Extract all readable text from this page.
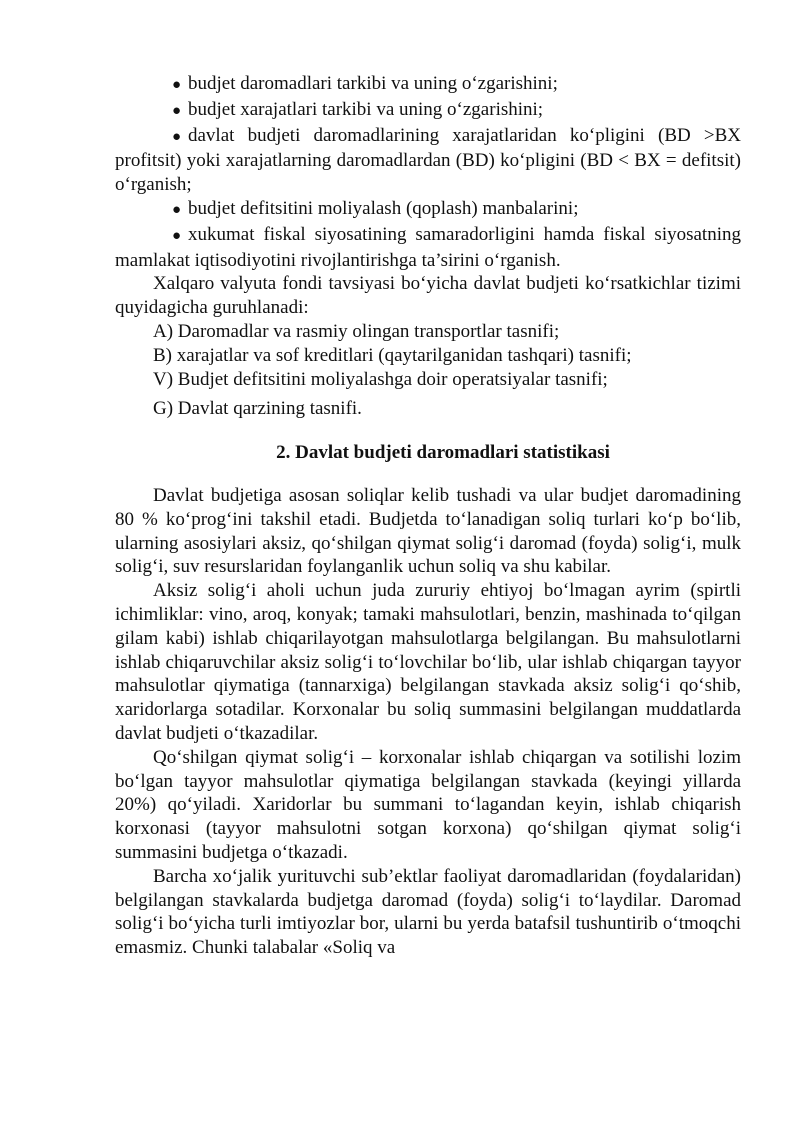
● budjet daromadlari tarkibi va uning o‘zgarishini;

● budjet xarajatlari tarkibi va uning o‘zgarishini;

● davlat budjeti daromadlarining xarajatlaridan ko‘pligini (BD >BX profitsit) yoki xarajatlarning daromadlardan (BD) ko‘pligini (BD < BX = defitsit) o‘rganish;

● budjet defitsitini moliyalash (qoplash) manbalarini;

● xukumat fiskal siyosatining samaradorligini hamda fiskal siyosatning mamlakat iqtisodiyotini rivojlantirishga ta’sirini o‘rganish.

Xalqaro valyuta fondi tavsiyasi bo‘yicha davlat budjeti ko‘rsatkichlar tizimi quyidagicha guruhlanadi:

A) Daromadlar va rasmiy olingan transportlar tasnifi;

B) xarajatlar va sof kreditlari (qaytarilganidan tashqari) tasnifi;

V) Budjet defitsitini moliyalashga doir operatsiyalar tasnifi;

G) Davlat qarzining tasnifi.

2. Davlat budjeti daromadlari statistikasi

Davlat budjetiga asosan soliqlar kelib tushadi va ular budjet daromadining 80 % ko‘prog‘ini takshil etadi. Budjetda to‘lanadigan soliq turlari ko‘p bo‘lib, ularning asosiylari aksiz, qo‘shilgan qiymat solig‘i daromad (foyda) solig‘i, mulk solig‘i, suv resurslaridan foylanganlik uchun soliq va shu kabilar.

Aksiz solig‘i aholi uchun juda zururiy ehtiyoj bo‘lmagan ayrim (spirtli ichimliklar: vino, aroq, konyak; tamaki mahsulotlari, benzin, mashinada to‘qilgan gilam kabi) ishlab chiqarilayotgan mahsulotlarga belgilangan. Bu mahsulotlarni ishlab chiqaruvchilar aksiz solig‘i to‘lovchilar bo‘lib, ular ishlab chiqargan tayyor mahsulotlar qiymatiga (tannarxiga) belgilangan stavkada aksiz solig‘i qo‘shib, xaridorlarga sotadilar. Korxonalar bu soliq summasini belgilangan muddatlarda davlat budjeti o‘tkazadilar.

Qo‘shilgan qiymat solig‘i – korxonalar ishlab chiqargan va sotilishi lozim bo‘lgan tayyor mahsulotlar qiymatiga belgilangan stavkada (keyingi yillarda 20%) qo‘yiladi. Xaridorlar bu summani to‘lagandan keyin, ishlab chiqarish korxonasi (tayyor mahsulotni sotgan korxona) qo‘shilgan qiymat solig‘i summasini budjetga o‘tkazadi.

Barcha xo‘jalik yurituvchi sub’ektlar faoliyat daromadlaridan (foydalaridan) belgilangan stavkalarda budjetga daromad (foyda) solig‘i to‘laydilar. Daromad solig‘i bo‘yicha turli imtiyozlar bor, ularni bu yerda batafsil tushuntirib o‘tmoqchi emasmiz. Chunki talabalar «Soliq va
